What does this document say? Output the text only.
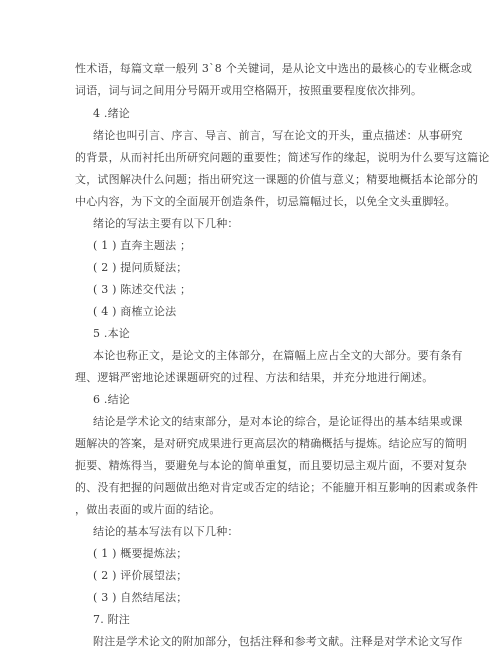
性术语，每篇文章一般列 3`8 个关键词，是从论文中选出的最核心的专业概念或
词语，词与词之间用分号隔开或用空格隔开，按照重要程度依次排列。
4 .绪论
绪论也叫引言、序言、导言、前言，写在论文的开头，重点描述：从事研究
的背景，从而衬托出所研究问题的重要性；简述写作的缘起，说明为什么要写这篇论
文，试图解决什么问题；指出研究这一课题的价值与意义；精要地概括本论部分的
中心内容，为下文的全面展开创造条件，切忌篇幅过长，以免全文头重脚轻。
绪论的写法主要有以下几种：
( 1 ) 直奔主题法 ；
( 2 ) 提问质疑法；
( 3 ) 陈述交代法 ；
( 4 ) 商榷立论法
5 .本论
本论也称正文，是论文的主体部分，在篇幅上应占全文的大部分。要有条有
理、逻辑严密地论述课题研究的过程、方法和结果，并充分地进行阐述。
6 .结论
结论是学术论文的结束部分，是对本论的综合，是论证得出的基本结果或课
题解决的答案，是对研究成果进行更高层次的精确概括与提炼。结论应写的简明
扼要、精炼得当，要避免与本论的简单重复，而且要切忌主观片面，不要对复杂
的、没有把握的问题做出绝对肯定或否定的结论；不能臆开相互影响的因素或条件
，做出表面的或片面的结论。
结论的基本写法有以下几种：
( 1 ) 概要提炼法；
( 2 ) 评价展望法；
( 3 ) 自然结尾法；
7. 附注
附注是学术论文的附加部分，包括注释和参考文献。注释是对学术论文写作
